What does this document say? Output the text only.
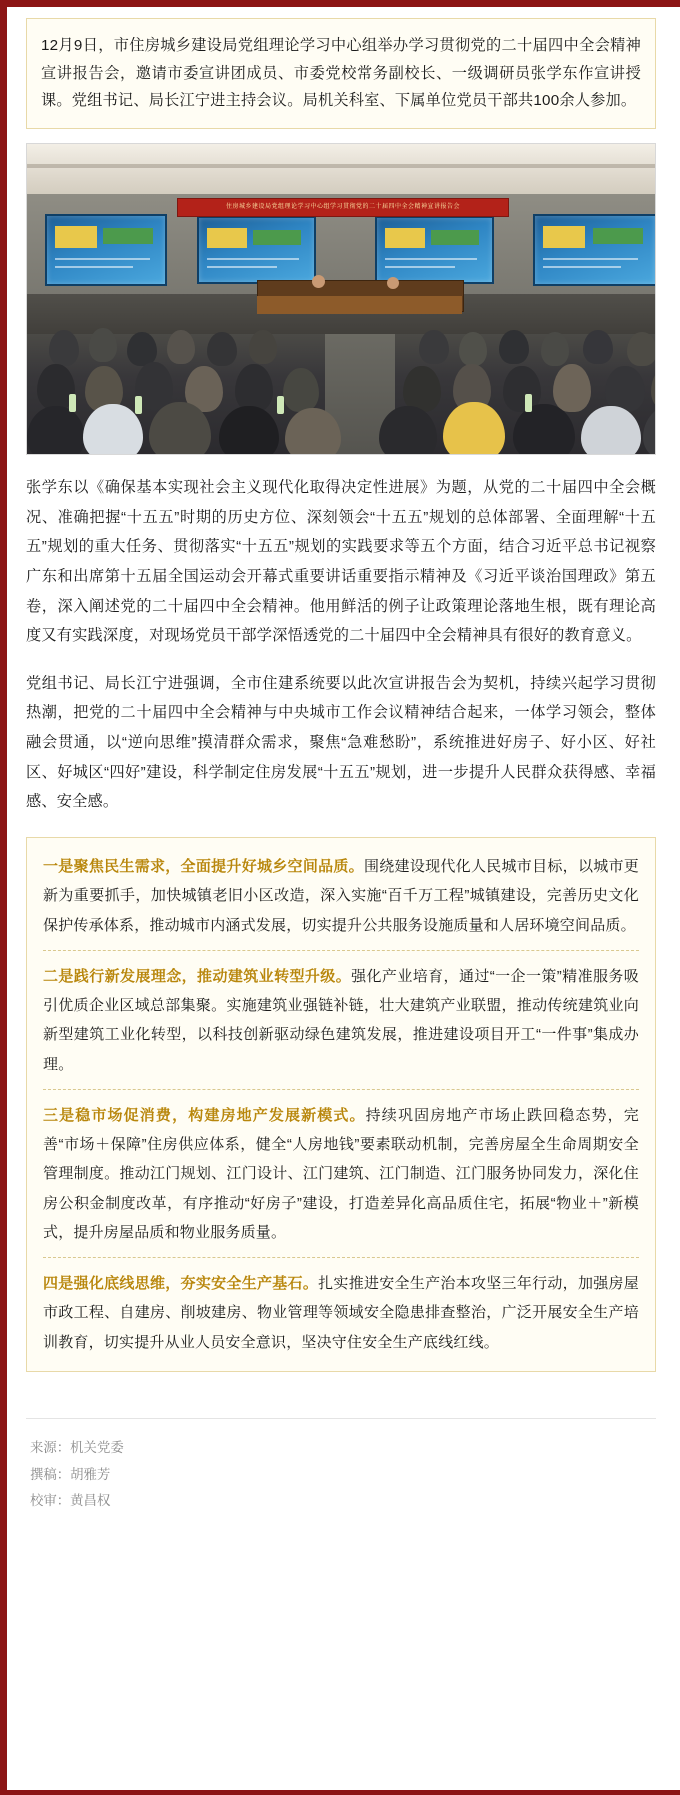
12月9日，市住房城乡建设局党组理论学习中心组举办学习贯彻党的二十届四中全会精神宣讲报告会，邀请市委宣讲团成员、市委党校常务副校长、一级调研员张学东作宣讲授课。党组书记、局长江宁进主持会议。局机关科室、下属单位党员干部共100余人参加。

住房城乡建设局党组理论学习中心组学习贯彻党的二十届四中全会精神宣讲报告会

张学东以《确保基本实现社会主义现代化取得决定性进展》为题，从党的二十届四中全会概况、准确把握“十五五”时期的历史方位、深刻领会“十五五”规划的总体部署、全面理解“十五五”规划的重大任务、贯彻落实“十五五”规划的实践要求等五个方面，结合习近平总书记视察广东和出席第十五届全国运动会开幕式重要讲话重要指示精神及《习近平谈治国理政》第五卷，深入阐述党的二十届四中全会精神。他用鲜活的例子让政策理论落地生根，既有理论高度又有实践深度，对现场党员干部学深悟透党的二十届四中全会精神具有很好的教育意义。

党组书记、局长江宁进强调，全市住建系统要以此次宣讲报告会为契机，持续兴起学习贯彻热潮，把党的二十届四中全会精神与中央城市工作会议精神结合起来，一体学习领会，整体融会贯通，以“逆向思维”摸清群众需求，聚焦“急难愁盼”，系统推进好房子、好小区、好社区、好城区“四好”建设，科学制定住房发展“十五五”规划，进一步提升人民群众获得感、幸福感、安全感。

一是聚焦民生需求，全面提升好城乡空间品质。围绕建设现代化人民城市目标，以城市更新为重要抓手，加快城镇老旧小区改造，深入实施“百千万工程”城镇建设，完善历史文化保护传承体系，推动城市内涵式发展，切实提升公共服务设施质量和人居环境空间品质。

二是践行新发展理念，推动建筑业转型升级。强化产业培育，通过“一企一策”精准服务吸引优质企业区域总部集聚。实施建筑业强链补链，壮大建筑产业联盟，推动传统建筑业向新型建筑工业化转型，以科技创新驱动绿色建筑发展，推进建设项目开工“一件事”集成办理。

三是稳市场促消费，构建房地产发展新模式。持续巩固房地产市场止跌回稳态势，完善“市场＋保障”住房供应体系，健全“人房地钱”要素联动机制，完善房屋全生命周期安全管理制度。推动江门规划、江门设计、江门建筑、江门制造、江门服务协同发力，深化住房公积金制度改革，有序推动“好房子”建设，打造差异化高品质住宅，拓展“物业＋”新模式，提升房屋品质和物业服务质量。

四是强化底线思维，夯实安全生产基石。扎实推进安全生产治本攻坚三年行动，加强房屋市政工程、自建房、削坡建房、物业管理等领域安全隐患排查整治，广泛开展安全生产培训教育，切实提升从业人员安全意识，坚决守住安全生产底线红线。

来源：机关党委
撰稿：胡雅芳
校审：黄昌权
